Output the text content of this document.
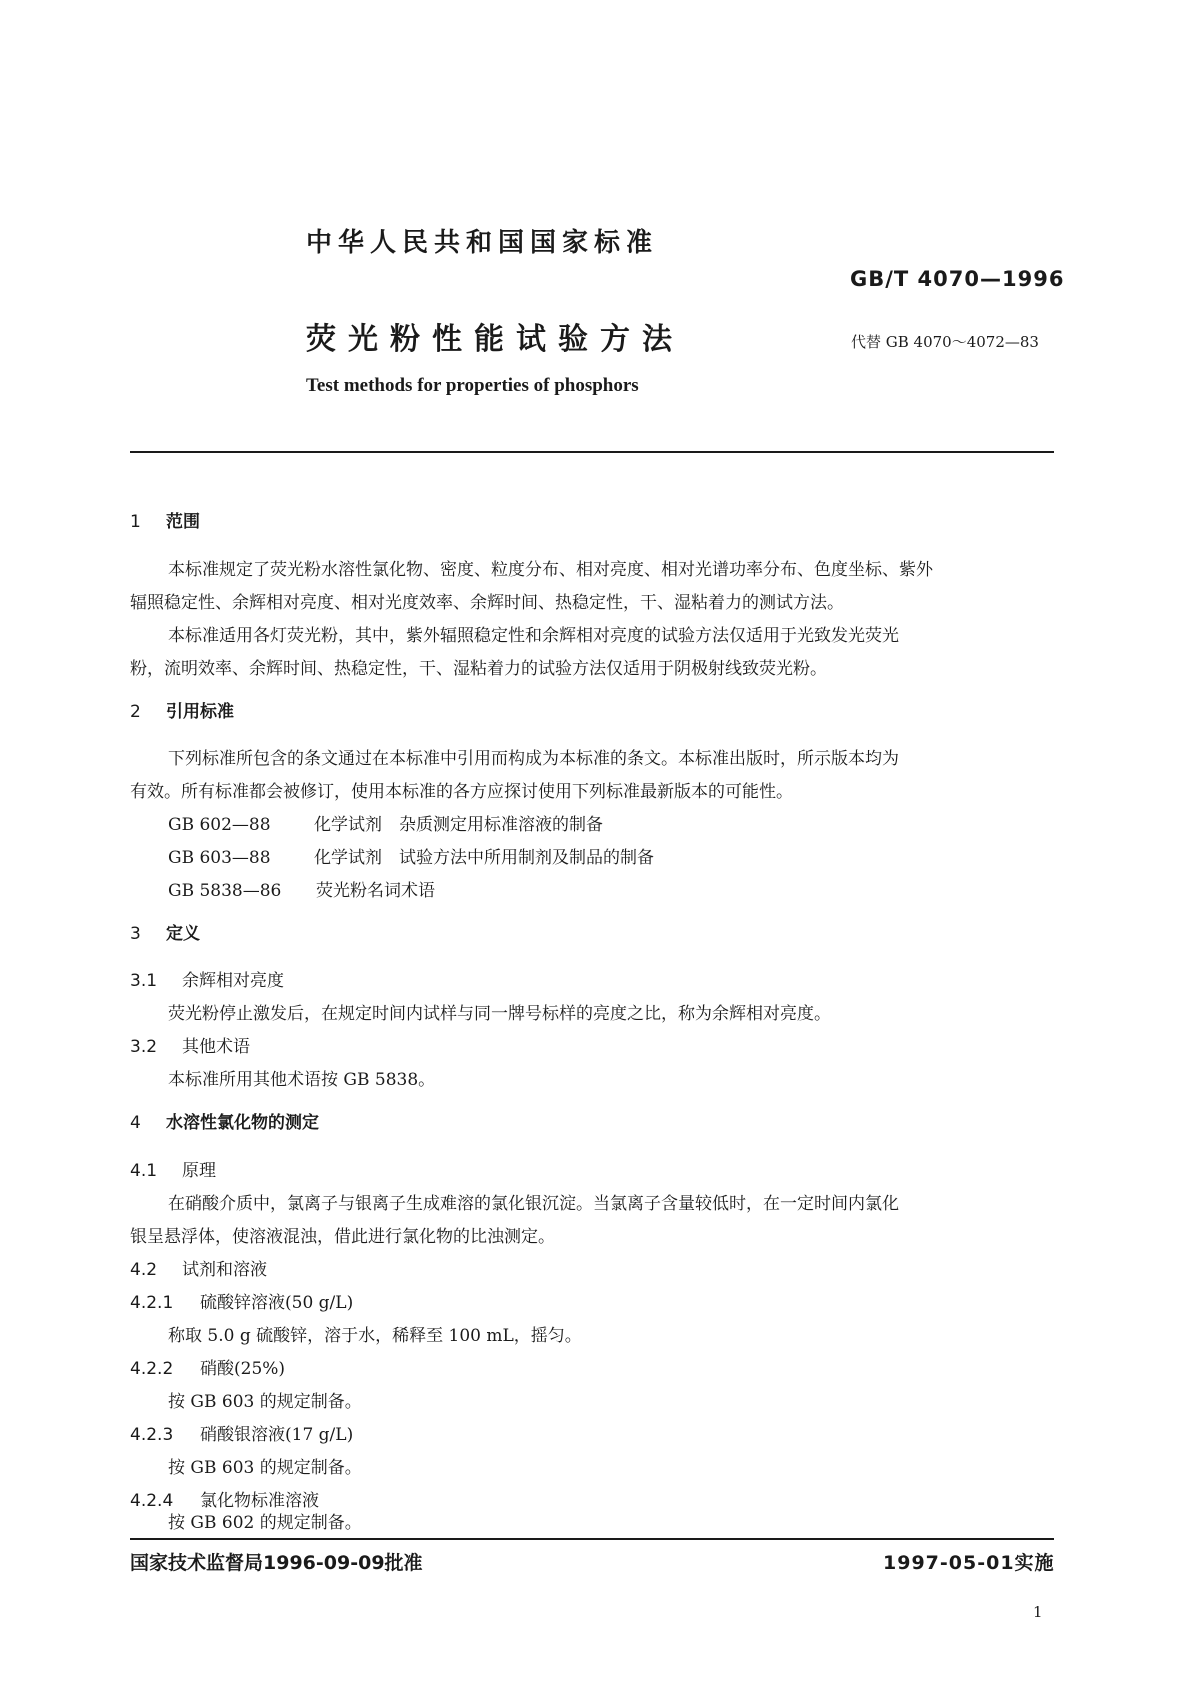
中华人民共和国国家标准
GB/T 4070—1996
荧光粉性能试验方法	代替 GB 4070～4072—83
Test methods for properties of phosphors
1 范围
本标准规定了荧光粉水溶性氯化物、密度、粒度分布、相对亮度、相对光谱功率分布、色度坐标、紫外
辐照稳定性、余辉相对亮度、相对光度效率、余辉时间、热稳定性，干、湿粘着力的测试方法。
本标准适用各灯荧光粉，其中，紫外辐照稳定性和余辉相对亮度的试验方法仅适用于光致发光荧光
粉，流明效率、余辉时间、热稳定性，干、湿粘着力的试验方法仅适用于阴极射线致荧光粉。
2 引用标准
下列标准所包含的条文通过在本标准中引用而构成为本标准的条文。本标准出版时，所示版本均为
有效。所有标准都会被修订，使用本标准的各方应探讨使用下列标准最新版本的可能性。
GB 602—88	化学试剂　杂质测定用标准溶液的制备
GB 603—88	化学试剂　试验方法中所用制剂及制品的制备
GB 5838—86 荧光粉名词术语
3 定义
3.1 余辉相对亮度
荧光粉停止激发后，在规定时间内试样与同一牌号标样的亮度之比，称为余辉相对亮度。
3.2 其他术语
本标准所用其他术语按 GB 5838。
4 水溶性氯化物的测定
4.1 原理
在硝酸介质中，氯离子与银离子生成难溶的氯化银沉淀。当氯离子含量较低时，在一定时间内氯化
银呈悬浮体，使溶液混浊，借此进行氯化物的比浊测定。
4.2 试剂和溶液
4.2.1 硫酸锌溶液(50 g/L)
称取 5.0 g 硫酸锌，溶于水，稀释至 100 mL，摇匀。
4.2.2 硝酸(25%)
按 GB 603 的规定制备。
4.2.3 硝酸银溶液(17 g/L)
按 GB 603 的规定制备。
4.2.4 氯化物标准溶液
按 GB 602 的规定制备。
国家技术监督局1996-09-09批准	1997-05-01实施
1
